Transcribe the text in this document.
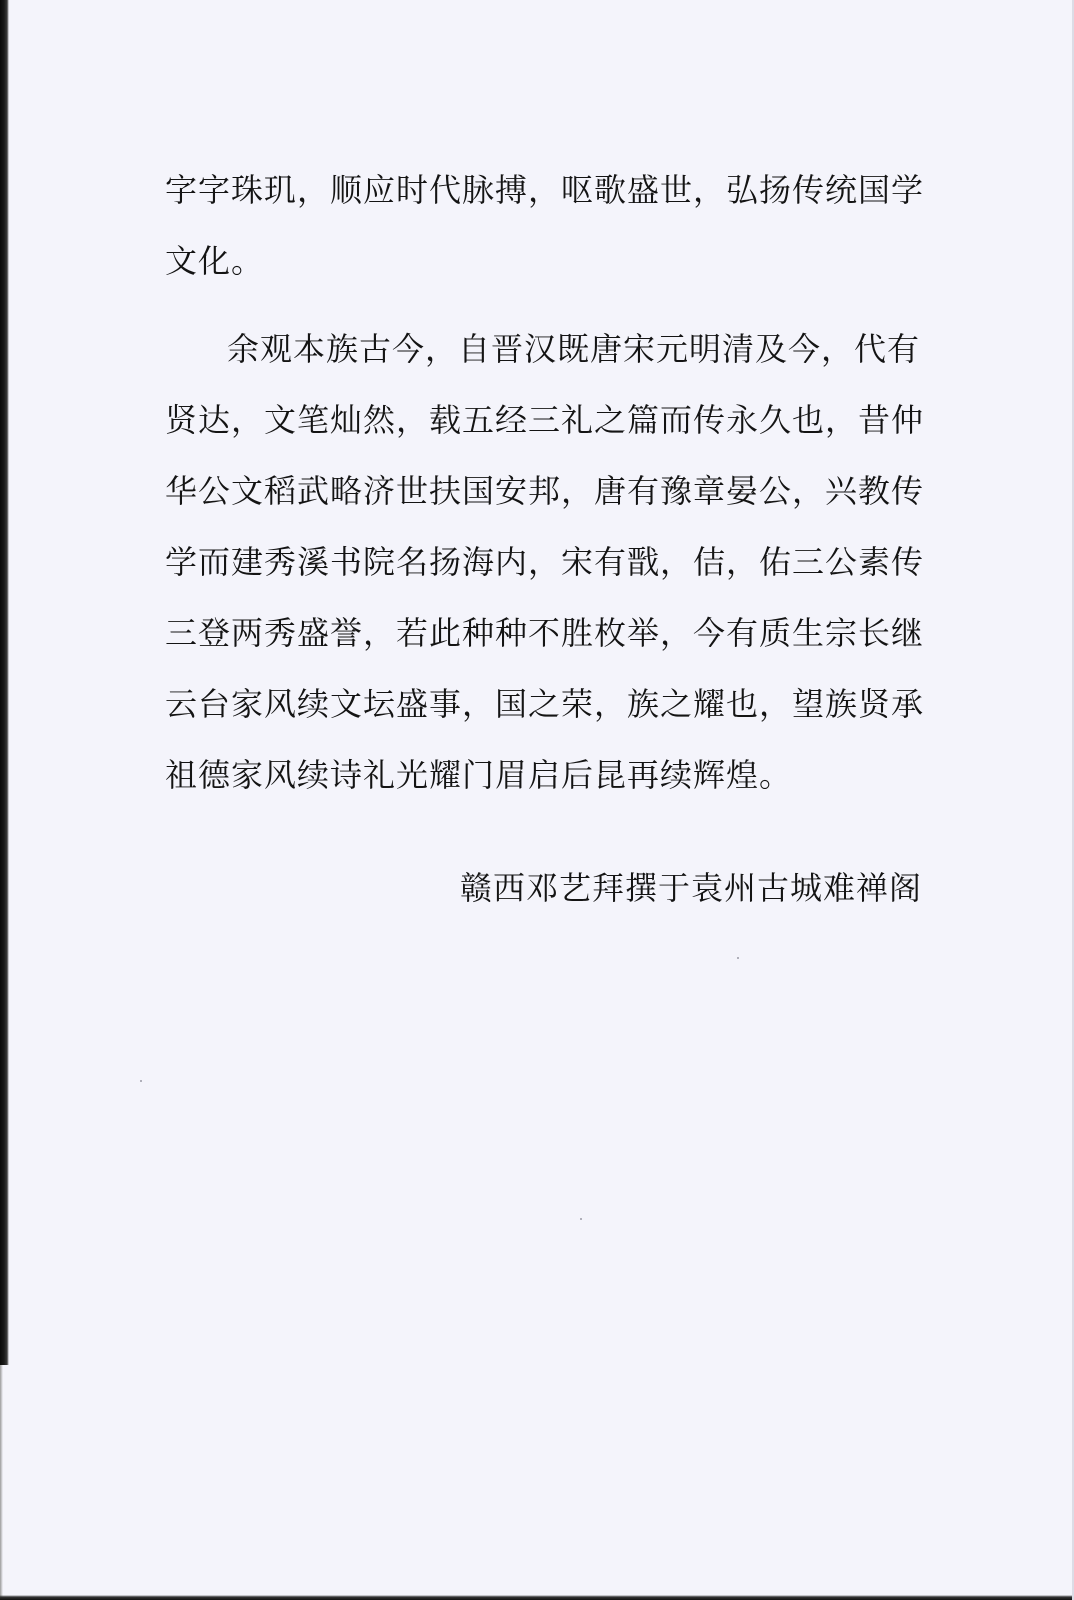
字字珠玑，顺应时代脉搏，呕歌盛世，弘扬传统国学
文化。
余观本族古今，自晋汉既唐宋元明清及今，代有
贤达，文笔灿然，载五经三礼之篇而传永久也，昔仲
华公文稻武略济世扶国安邦，唐有豫章晏公，兴教传
学而建秀溪书院名扬海内，宋有戬，佶，佑三公素传
三登两秀盛誉，若此种种不胜枚举，今有质生宗长继
云台家风续文坛盛事，国之荣，族之耀也，望族贤承
祖德家风续诗礼光耀门眉启后昆再续辉煌。
赣西邓艺拜撰于袁州古城难禅阁
